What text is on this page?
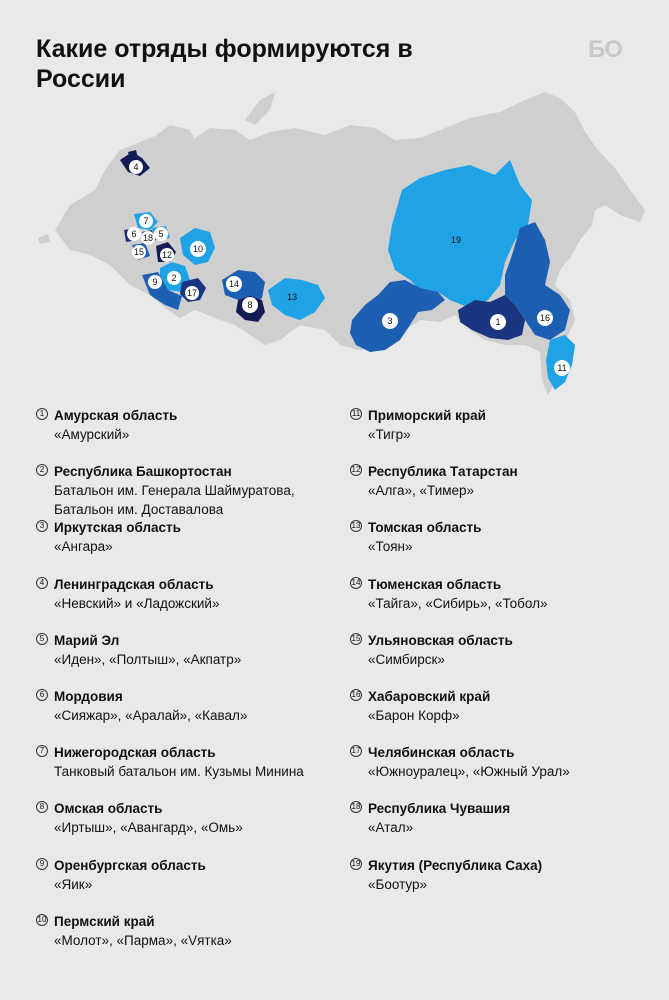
Какие отряды формируются в России
БО
19
16
11
1
3
13
14
8
10
2
17
9
12
15
18
6
7
5
4
1 Амурская область
«Амурский»
2 Республика Башкортостан
Батальон им. Генерала Шаймуратова,
Батальон им. Доставалова
3 Иркутская область
«Ангара»
4 Ленинградская область
«Невский» и «Ладожский»
5 Марий Эл
«Иден», «Полтыш», «Акпатр»
6 Мордовия
«Сияжар», «Аралай», «Кавал»
7 Нижегородская область
Танковый батальон им. Кузьмы Минина
8 Омская область
«Иртыш», «Авангард», «Омь»
9 Оренбургская область
«Яик»
10 Пермский край
«Молот», «Парма», «Vятка»
11 Приморский край
«Тигр»
12 Республика Татарстан
«Алга», «Тимер»
13 Томская область
«Тоян»
14 Тюменская область
«Тайга», «Сибирь», «Тобол»
15 Ульяновская область
«Симбирск»
16 Хабаровский край
«Барон Корф»
17 Челябинская область
«Южноуралец», «Южный Урал»
18 Республика Чувашия
«Атал»
19 Якутия (Республика Саха)
«Боотур»
